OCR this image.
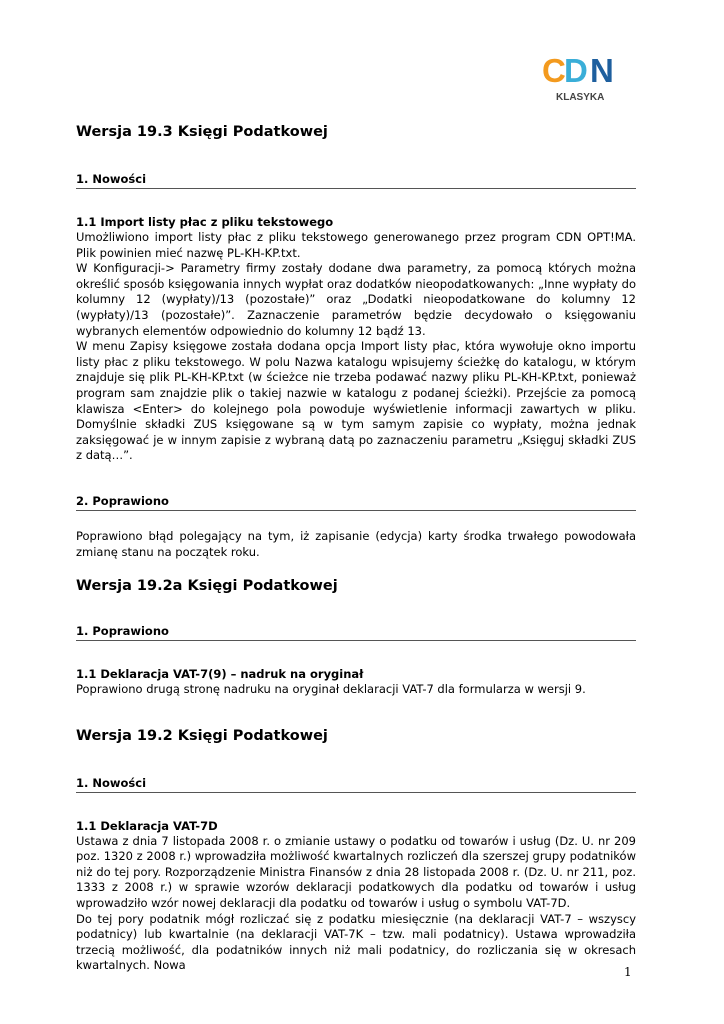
C
D N
KLASYKA
Wersja 19.3 Księgi Podatkowej
1. Nowości
1.1 Import listy płac z pliku tekstowego

Umożliwiono import listy płac z pliku tekstowego generowanego przez program CDN OPT!MA. Plik powinien mieć nazwę PL-KH-KP.txt.

W Konfiguracji-> Parametry firmy zostały dodane dwa parametry, za pomocą których można określić sposób księgowania innych wypłat oraz dodatków nieopodatkowanych: „Inne wypłaty do kolumny 12 (wypłaty)/13 (pozostałe)” oraz „Dodatki nieopodatkowane do kolumny 12 (wypłaty)/13 (pozostałe)”. Zaznaczenie parametrów będzie decydowało o księgowaniu wybranych elementów odpowiednio do kolumny 12 bądź 13.

W menu Zapisy księgowe została dodana opcja Import listy płac, która wywołuje okno importu listy płac z pliku tekstowego. W polu Nazwa katalogu wpisujemy ścieżkę do katalogu, w którym znajduje się plik PL-KH-KP.txt (w ścieżce nie trzeba podawać nazwy pliku PL-KH-KP.txt, ponieważ program sam znajdzie plik o takiej nazwie w katalogu z podanej ścieżki). Przejście za pomocą klawisza <Enter> do kolejnego pola powoduje wyświetlenie informacji zawartych w pliku. Domyślnie składki ZUS księgowane są w tym samym zapisie co wypłaty, można jednak zaksięgować je w innym zapisie z wybraną datą po zaznaczeniu parametru „Księguj składki ZUS z datą…”.

2. Poprawiono

Poprawiono błąd polegający na tym, iż zapisanie (edycja) karty środka trwałego powodowała zmianę stanu na początek roku.

Wersja 19.2a Księgi Podatkowej
1. Poprawiono
1.1 Deklaracja VAT-7(9) – nadruk na oryginał

Poprawiono drugą stronę nadruku na oryginał deklaracji VAT-7 dla formularza w wersji 9.

Wersja 19.2 Księgi Podatkowej
1. Nowości
1.1 Deklaracja VAT-7D

Ustawa z dnia 7 listopada 2008 r. o zmianie ustawy o podatku od towarów i usług (Dz. U. nr 209 poz. 1320 z 2008 r.) wprowadziła możliwość kwartalnych rozliczeń dla szerszej grupy podatników niż do tej pory. Rozporządzenie Ministra Finansów z dnia 28 listopada 2008 r. (Dz. U. nr 211, poz. 1333 z 2008 r.) w sprawie wzorów deklaracji podatkowych dla podatku od towarów i usług wprowadziło wzór nowej deklaracji dla podatku od towarów i usług o symbolu VAT-7D.

Do tej pory podatnik mógł rozliczać się z podatku miesięcznie (na deklaracji VAT-7 – wszyscy podatnicy) lub kwartalnie (na deklaracji VAT-7K – tzw. mali podatnicy). Ustawa wprowadziła trzecią możliwość, dla podatników innych niż mali podatnicy, do rozliczania się w okresach kwartalnych. Nowa	1
